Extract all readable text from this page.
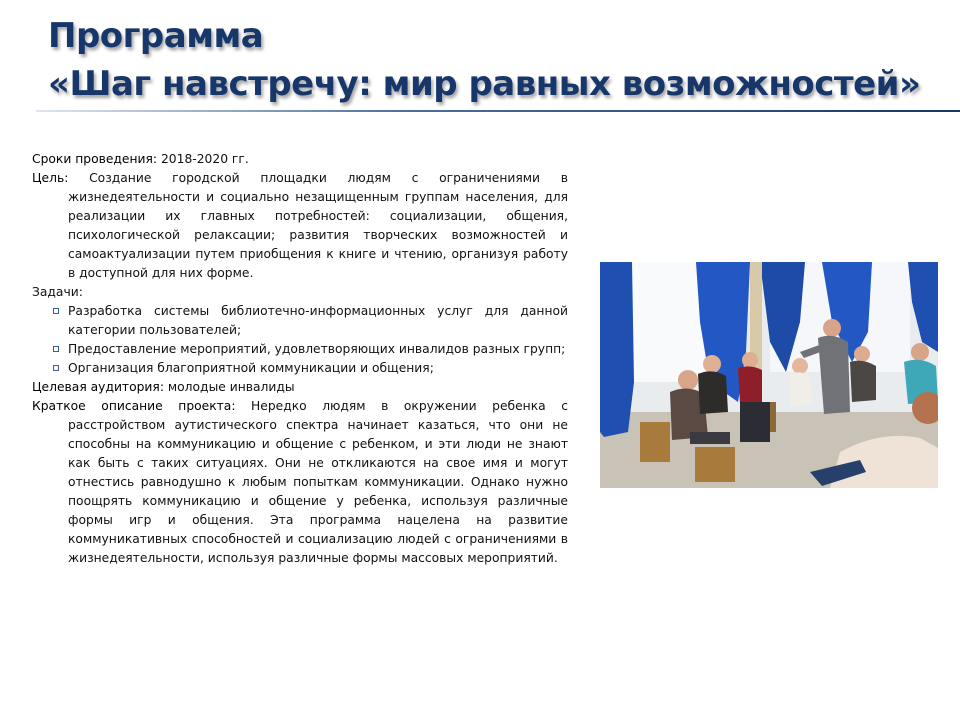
Программа
«Шаг навстречу: мир равных возможностей»

Сроки проведения: 2018-2020 гг.

Цель: Создание городской площадки людям с ограничениями в жизнедеятельности и социально незащищенным группам населения, для реализации их главных потребностей: социализации, общения, психологической релаксации; развития творческих возможностей и самоактуализации путем приобщения к книге и чтению, организуя работу в доступной для них форме.

Задачи:

Разработка системы библиотечно-информационных услуг для данной категории пользователей;
Предоставление мероприятий, удовлетворяющих инвалидов разных групп;
Организация благоприятной коммуникации и общения;

Целевая аудитория: молодые инвалиды

Краткое описание проекта: Нередко людям в окружении ребенка с расстройством аутистического спектра начинает казаться, что они не способны на коммуникацию и общение с ребенком, и эти люди не знают как быть с таких ситуациях. Они не откликаются на свое имя и могут отнестись равнодушно к любым попыткам коммуникации. Однако нужно поощрять коммуникацию и общение у ребенка, используя различные формы игр и общения. Эта программа нацелена на развитие коммуникативных способностей и социализацию людей с ограничениями в жизнедеятельности, используя различные формы массовых мероприятий.
